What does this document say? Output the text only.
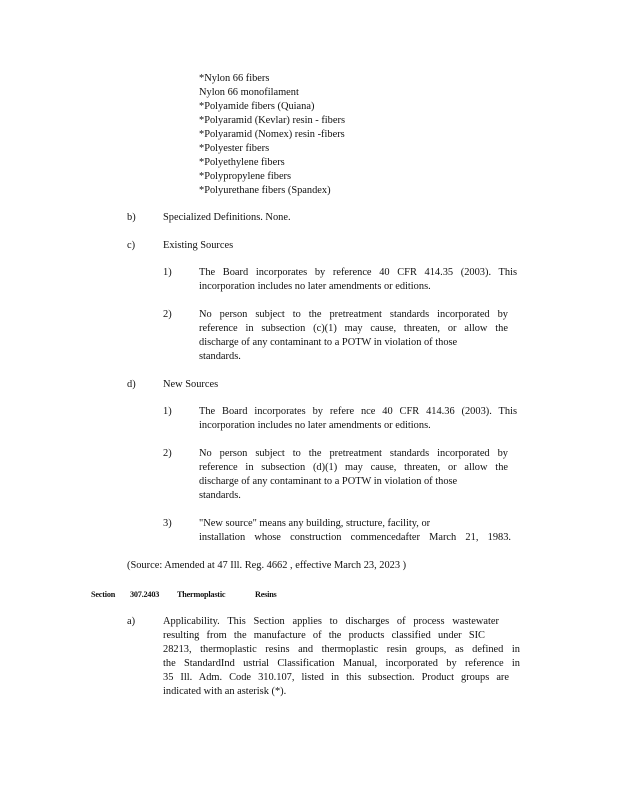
*Nylon 66 fibers
Nylon 66 monofilament
*Polyamide fibers (Quiana)
*Polyaramid (Kevlar) resin - fibers
*Polyaramid (Nomex) resin -fibers
*Polyester fibers
*Polyethylene fibers
*Polypropylene fibers
*Polyurethane fibers (Spandex)
b)	Specialized Definitions. None.
c)	Existing Sources
1)	The Board incorporates by reference 40 CFR 414.35 (2003). This
incorporation includes no later amendments or editions.
2)	No person subject to the pretreatment standards incorporated by
reference in subsection (c)(1) may cause, threaten, or allow the
discharge of any contaminant to a POTW in violation of those
standards.
d)	New Sources
1)	The Board incorporates by refere nce 40 CFR 414.36 (2003). This
incorporation includes no later amendments or editions.
2)	No person subject to the pretreatment standards incorporated by
reference in subsection (d)(1) may cause, threaten, or allow the
discharge of any contaminant to a POTW in violation of those
standards.
3)	"New source" means any building, structure, facility, or
installation whose construction commencedafter March 21, 1983.
(Source: Amended at 47 Ill. Reg. 4662 , effective March 23, 2023 )
Section 307.2403 Thermoplastic	Resins
a)	Applicability. This Section applies to discharges of process wastewater
resulting from the manufacture of the products classified under SIC
28213, thermoplastic resins and thermoplastic resin groups, as defined in
the StandardInd ustrial Classification Manual, incorporated by reference in
35 Ill. Adm. Code 310.107, listed in this subsection. Product groups are
indicated with an asterisk (*).
